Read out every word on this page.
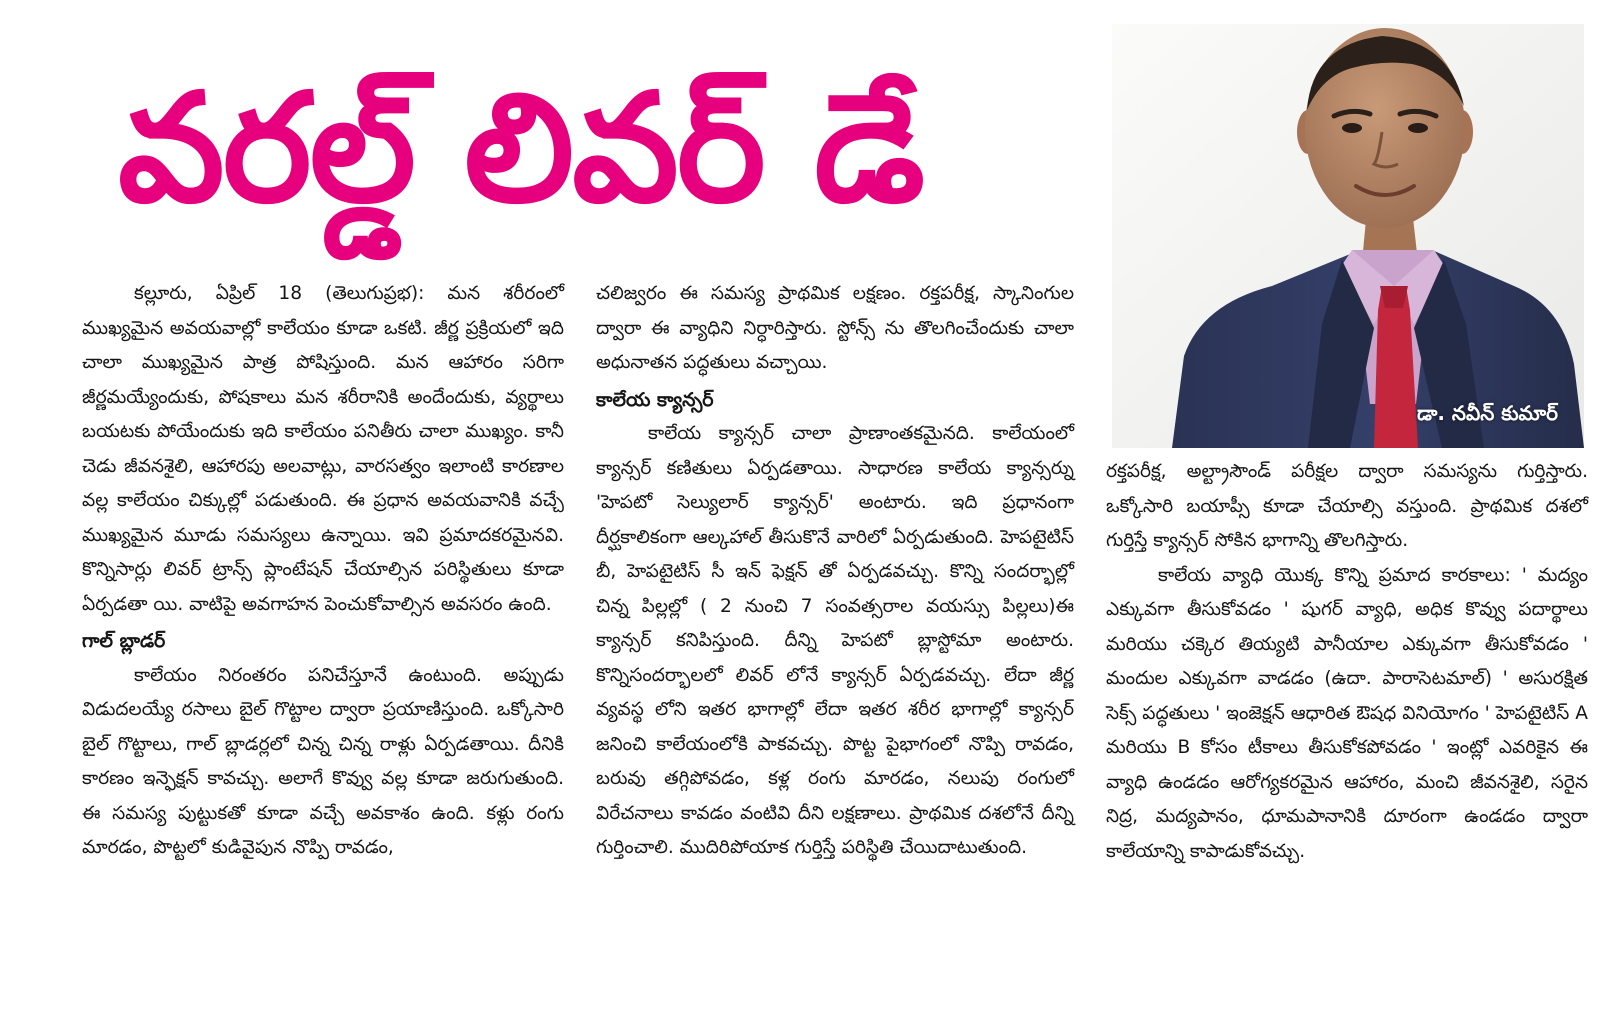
వరల్డ్ లివర్ డే

కల్లూరు, ఏప్రిల్ 18 (తెలుగుప్రభ): మన శరీరంలో ముఖ్యమైన అవయవాల్లో కాలేయం కూడా ఒకటి. జీర్ణ ప్రక్రియలో ఇది చాలా ముఖ్యమైన పాత్ర పోషిస్తుంది. మన ఆహారం సరిగా జీర్ణమయ్యేందుకు, పోషకాలు మన శరీరానికి అందేందుకు, వ్యర్థాలు బయటకు పోయేందుకు ఇది కాలేయం పనితీరు చాలా ముఖ్యం. కానీ చెడు జీవనశైలి, ఆహారపు అలవాట్లు, వారసత్వం ఇలాంటి కారణాల వల్ల కాలేయం చిక్కుల్లో పడుతుంది. ఈ ప్రధాన అవయవానికి వచ్చే ముఖ్యమైన మూడు సమస్యలు ఉన్నాయి. ఇవి ప్రమాదకరమైనవి. కొన్నిసార్లు లివర్ ట్రాన్స్ ప్లాంటేషన్ చేయాల్సిన పరిస్థితులు కూడా ఏర్పడతా యి. వాటిపై అవగాహన పెంచుకోవాల్సిన అవసరం ఉంది.

గాల్ బ్లాడర్

కాలేయం నిరంతరం పనిచేస్తూనే ఉంటుంది. అప్పుడు విడుదలయ్యే రసాలు బైల్ గొట్టాల ద్వారా ప్రయాణిస్తుంది. ఒక్కోసారి బైల్ గొట్టాలు, గాల్ బ్లాడర్లలో చిన్న చిన్న రాళ్లు ఏర్పడతాయి. దీనికి కారణం ఇన్ఫెక్షన్ కావచ్చు. అలాగే కొవ్వు వల్ల కూడా జరుగుతుంది. ఈ సమస్య పుట్టుకతో కూడా వచ్చే అవకాశం ఉంది. కళ్లు రంగు మారడం, పొట్టలో కుడివైపున నొప్పి రావడం,

చలిజ్వరం ఈ సమస్య ప్రాథమిక లక్షణం. రక్తపరీక్ష, స్కానింగుల ద్వారా ఈ వ్యాధిని నిర్ధారిస్తారు. స్టోన్స్ ను తొలగించేందుకు చాలా అధునాతన పద్ధతులు వచ్చాయి.

కాలేయ క్యాన్సర్

కాలేయ క్యాన్సర్ చాలా ప్రాణాంతకమైనది. కాలేయంలో క్యాన్సర్ కణితులు ఏర్పడతాయి. సాధారణ కాలేయ క్యాన్సర్ను 'హెపటో సెల్యులార్ క్యాన్సర్' అంటారు. ఇది ప్రధానంగా దీర్ఘకాలికంగా ఆల్కహాల్ తీసుకొనే వారిలో ఏర్పడుతుంది. హెపటైటిస్ బీ, హెపటైటిస్ సీ ఇన్ ఫెక్షన్ తో ఏర్పడవచ్చు. కొన్ని సందర్భాల్లో చిన్న పిల్లల్లో ( 2 నుంచి 7 సంవత్సరాల వయస్సు పిల్లలు)ఈ క్యాన్సర్ కనిపిస్తుంది. దీన్ని హెపటో బ్లాస్టోమా అంటారు. కొన్నిసందర్భాలలో లివర్ లోనే క్యాన్సర్ ఏర్పడవచ్చు. లేదా జీర్ణ వ్యవస్థ లోని ఇతర భాగాల్లో లేదా ఇతర శరీర భాగాల్లో క్యాన్సర్ జనించి కాలేయంలోకి పాకవచ్చు. పొట్ట పైభాగంలో నొప్పి రావడం, బరువు తగ్గిపోవడం, కళ్ల రంగు మారడం, నలుపు రంగులో విరేచనాలు కావడం వంటివి దీని లక్షణాలు. ప్రాథమిక దశలోనే దీన్ని గుర్తించాలి. ముదిరిపోయాక గుర్తిస్తే పరిస్థితి చేయిదాటుతుంది.

డా. నవీన్ కుమార్

రక్తపరీక్ష, అల్ట్రాసౌండ్ పరీక్షల ద్వారా సమస్యను గుర్తిస్తారు. ఒక్కోసారి బయాప్సీ కూడా చేయాల్సి వస్తుంది. ప్రాథమిక దశలో గుర్తిస్తే క్యాన్సర్ సోకిన భాగాన్ని తొలగిస్తారు.

కాలేయ వ్యాధి యొక్క కొన్ని ప్రమాద కారకాలు: ' మద్యం ఎక్కువగా తీసుకోవడం ' షుగర్ వ్యాధి, అధిక కొవ్వు పదార్థాలు మరియు చక్కెర తియ్యటి పానీయాల ఎక్కువగా తీసుకోవడం ' మందుల ఎక్కువగా వాడడం (ఉదా. పారాసెటమాల్) ' అసురక్షిత సెక్స్ పద్ధతులు ' ఇంజెక్షన్ ఆధారిత ఔషధ వినియోగం ' హెపటైటిస్ A మరియు B కోసం టీకాలు తీసుకోకపోవడం ' ఇంట్లో ఎవరికైన ఈ వ్యాధి ఉండడం ఆరోగ్యకరమైన ఆహారం, మంచి జీవనశైలి, సరైన నిద్ర, మద్యపానం, ధూమపానానికి దూరంగా ఉండడం ద్వారా కాలేయాన్ని కాపాడుకోవచ్చు.
